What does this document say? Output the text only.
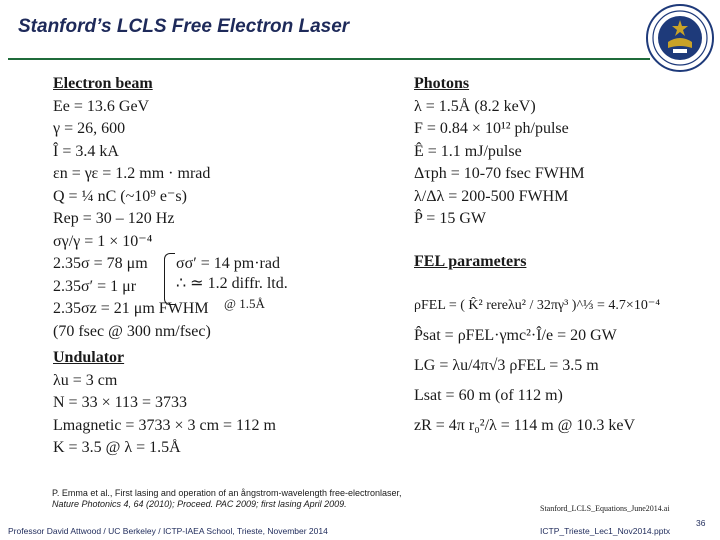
Stanford’s LCLS Free Electron Laser
Electron beam
Ee = 13.6 GeV
γ = 26, 600
Î = 3.4 kA
εn = γε = 1.2 mm · mrad
Q = ¼ nC (~10⁹ e⁻s)
Rep = 30 – 120 Hz
σγ/γ = 1 × 10⁻⁴
2.35σ = 78 μm
2.35σ′ = 1 μr
2.35σz = 21 μm FWHM
(70 fsec @ 300 nm/fsec)
Undulator
λu = 3 cm
N = 33 × 113 = 3733
Lmagnetic = 3733 × 3 cm = 112 m
K = 3.5 @ λ = 1.5Å
σσ′ = 14 pm·rad
∴ ≃ 1.2 diffr. ltd.
@ 1.5Å
Photons
λ = 1.5Å (8.2 keV)
F = 0.84 × 10¹² ph/pulse
Ê = 1.1 mJ/pulse
Δτph = 10-70 fsec FWHM
λ/Δλ = 200-500 FWHM
P̂ = 15 GW
FEL parameters
ρFEL = ( K̂² rereλu² / 32πγ³ )^⅓ = 4.7×10⁻⁴
P̂sat = ρFEL·γmc²·Î/e = 20 GW
LG = λu/4π√3 ρFEL = 3.5 m
Lsat = 60 m (of 112 m)
zR = 4π r₀²/λ = 114 m @ 10.3 keV
P. Emma et al., First lasing and operation of an ångstrom-wavelength free-electronlaser,
Nature Photonics 4, 64 (2010); Proceed. PAC 2009; first lasing April 2009.	Stanford_LCLS_Equations_June2014.ai
Professor David Attwood / UC Berkeley / ICTP-IAEA School, Trieste, November 2014	ICTP_Trieste_Lec1_Nov2014.pptx
36
